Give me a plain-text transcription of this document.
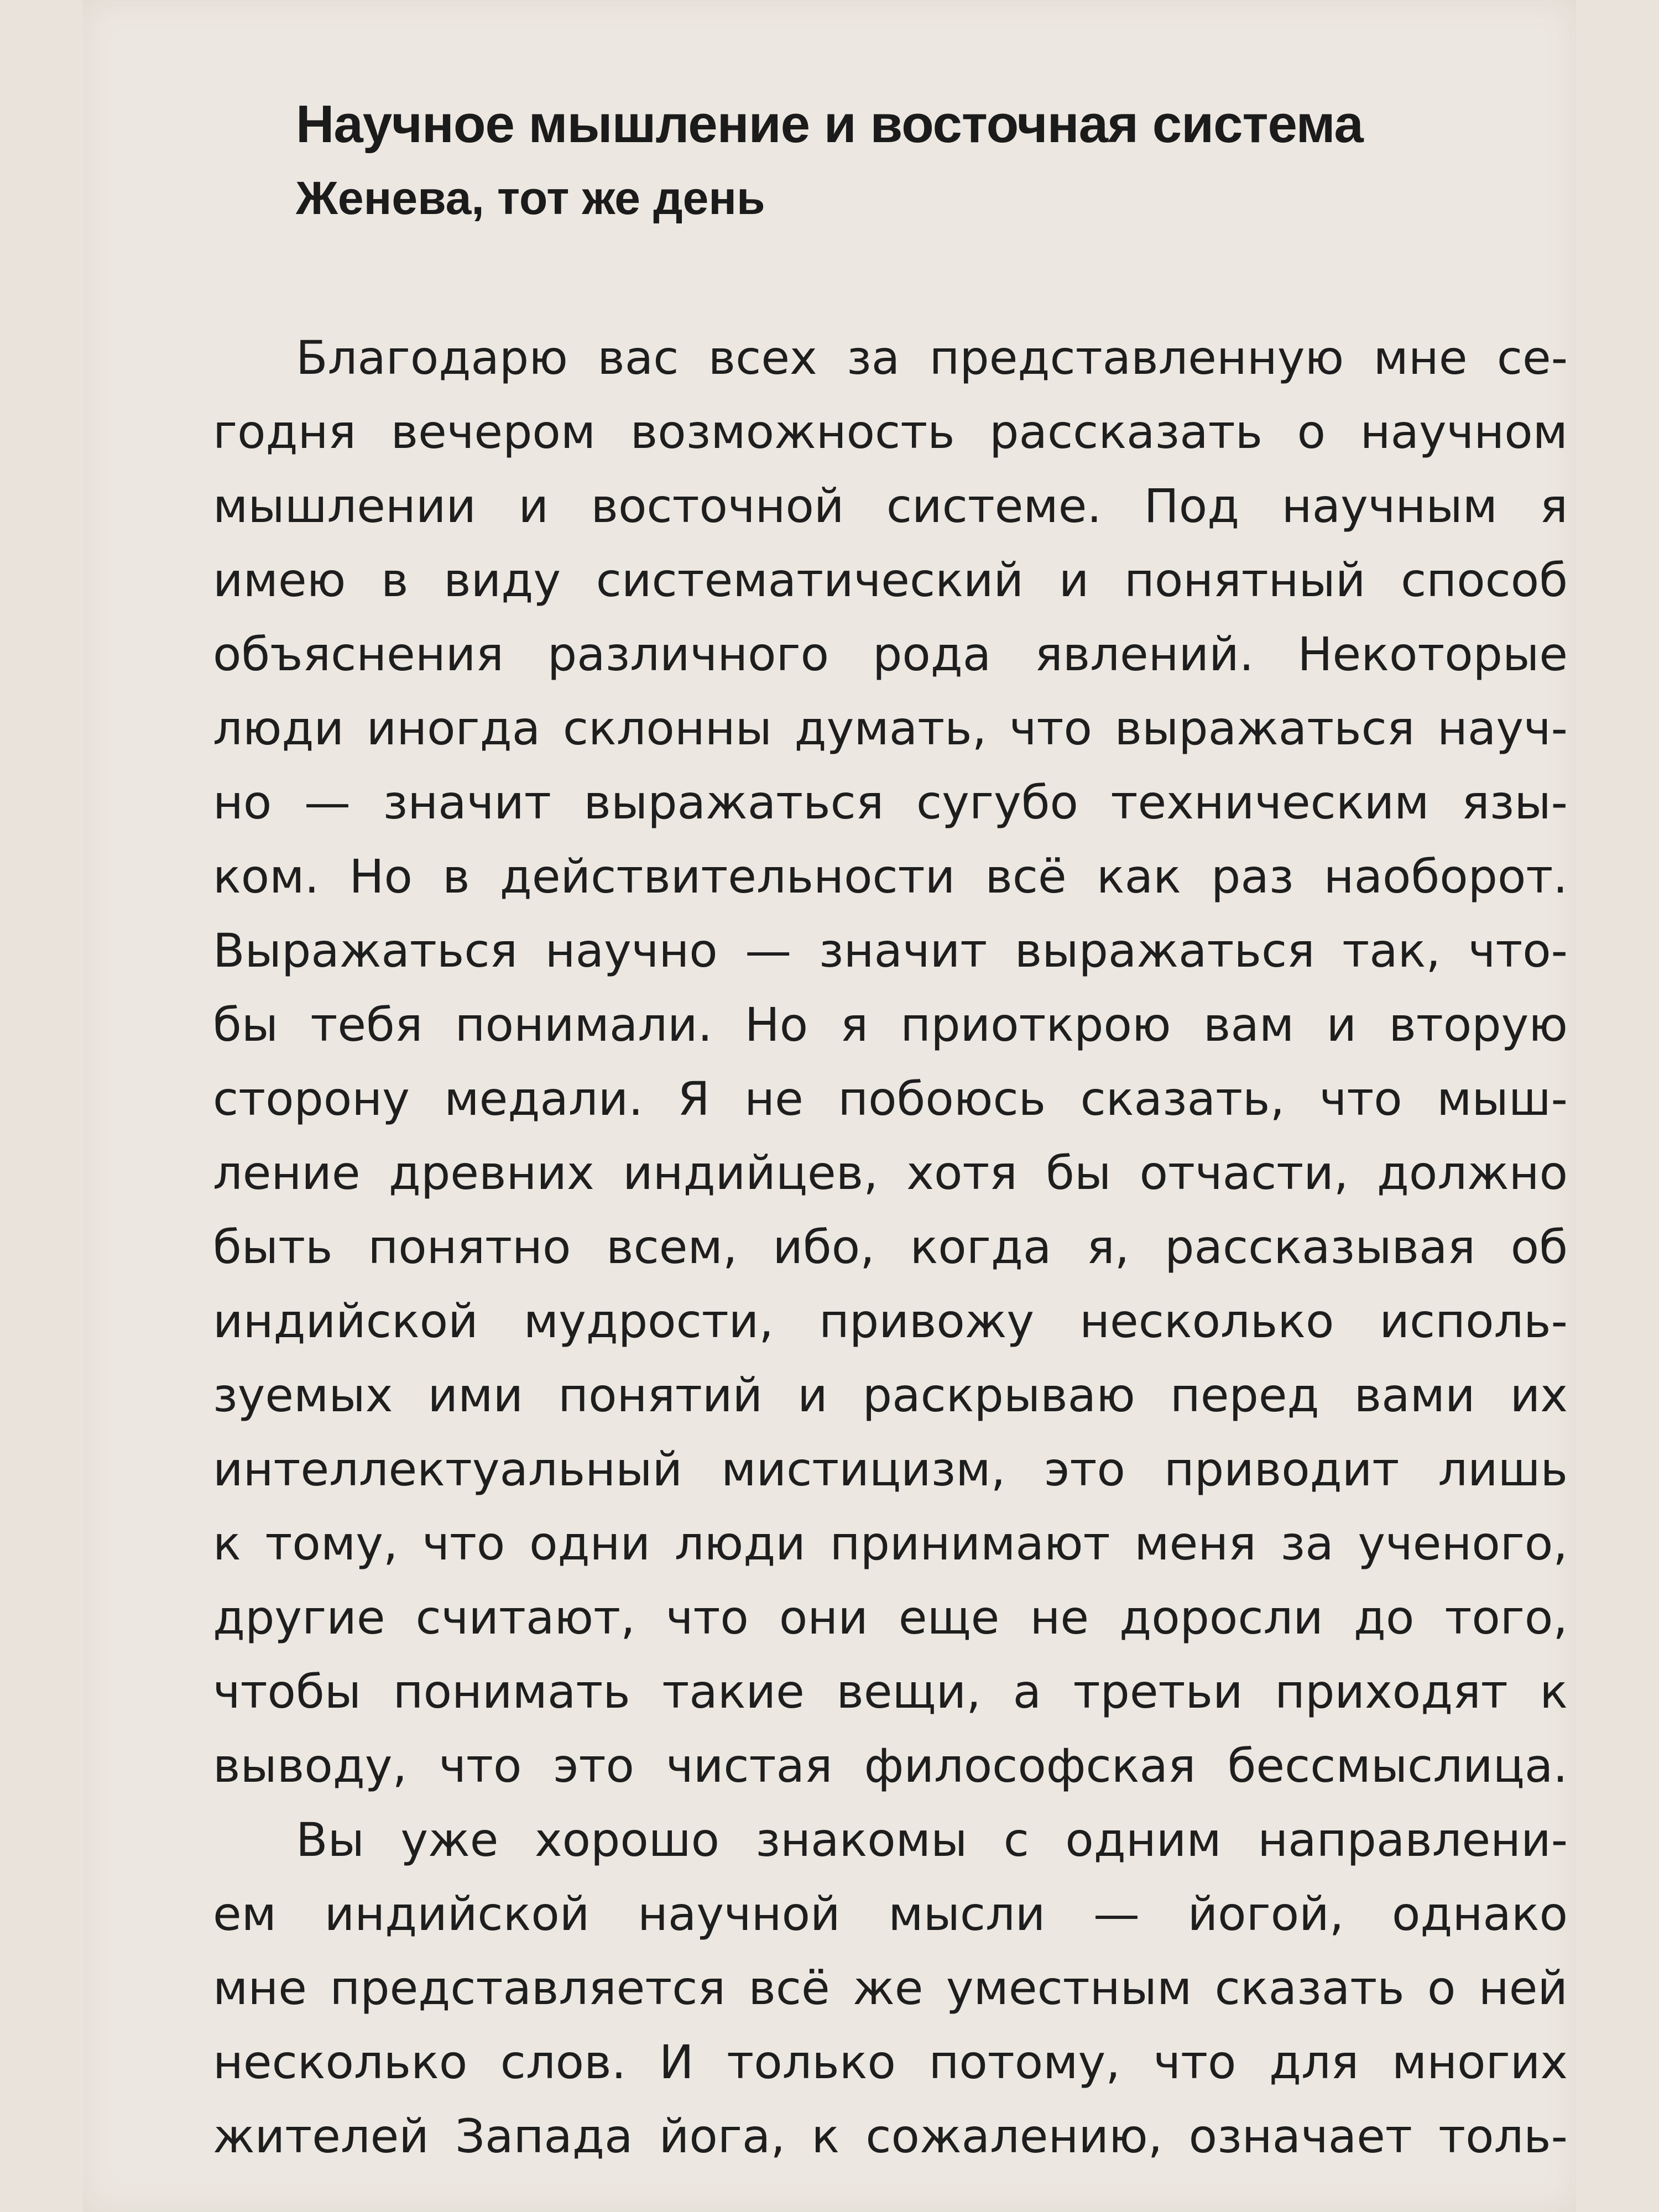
Научное мышление и восточная система
Женева, тот же день
Благодарю вас всех за представленную мне се-
годня вечером возможность рассказать о научном
мышлении и восточной системе. Под научным я
имею в виду систематический и понятный способ
объяснения различного рода явлений. Некоторые
люди иногда склонны думать, что выражаться науч-
но — значит выражаться сугубо техническим язы-
ком. Но в действительности всё как раз наоборот.
Выражаться научно — значит выражаться так, что-
бы тебя понимали. Но я приоткрою вам и вторую
сторону медали. Я не побоюсь сказать, что мыш-
ление древних индийцев, хотя бы отчасти, должно
быть понятно всем, ибо, когда я, рассказывая об
индийской мудрости, привожу несколько исполь-
зуемых ими понятий и раскрываю перед вами их
интеллектуальный мистицизм, это приводит лишь
к тому, что одни люди принимают меня за ученого,
другие считают, что они еще не доросли до того,
чтобы понимать такие вещи, а третьи приходят к
выводу, что это чистая философская бессмыслица.
Вы уже хорошо знакомы с одним направлени-
ем индийской научной мысли — йогой, однако
мне представляется всё же уместным сказать о ней
несколько слов. И только потому, что для многих
жителей Запада йога, к сожалению, означает толь-
